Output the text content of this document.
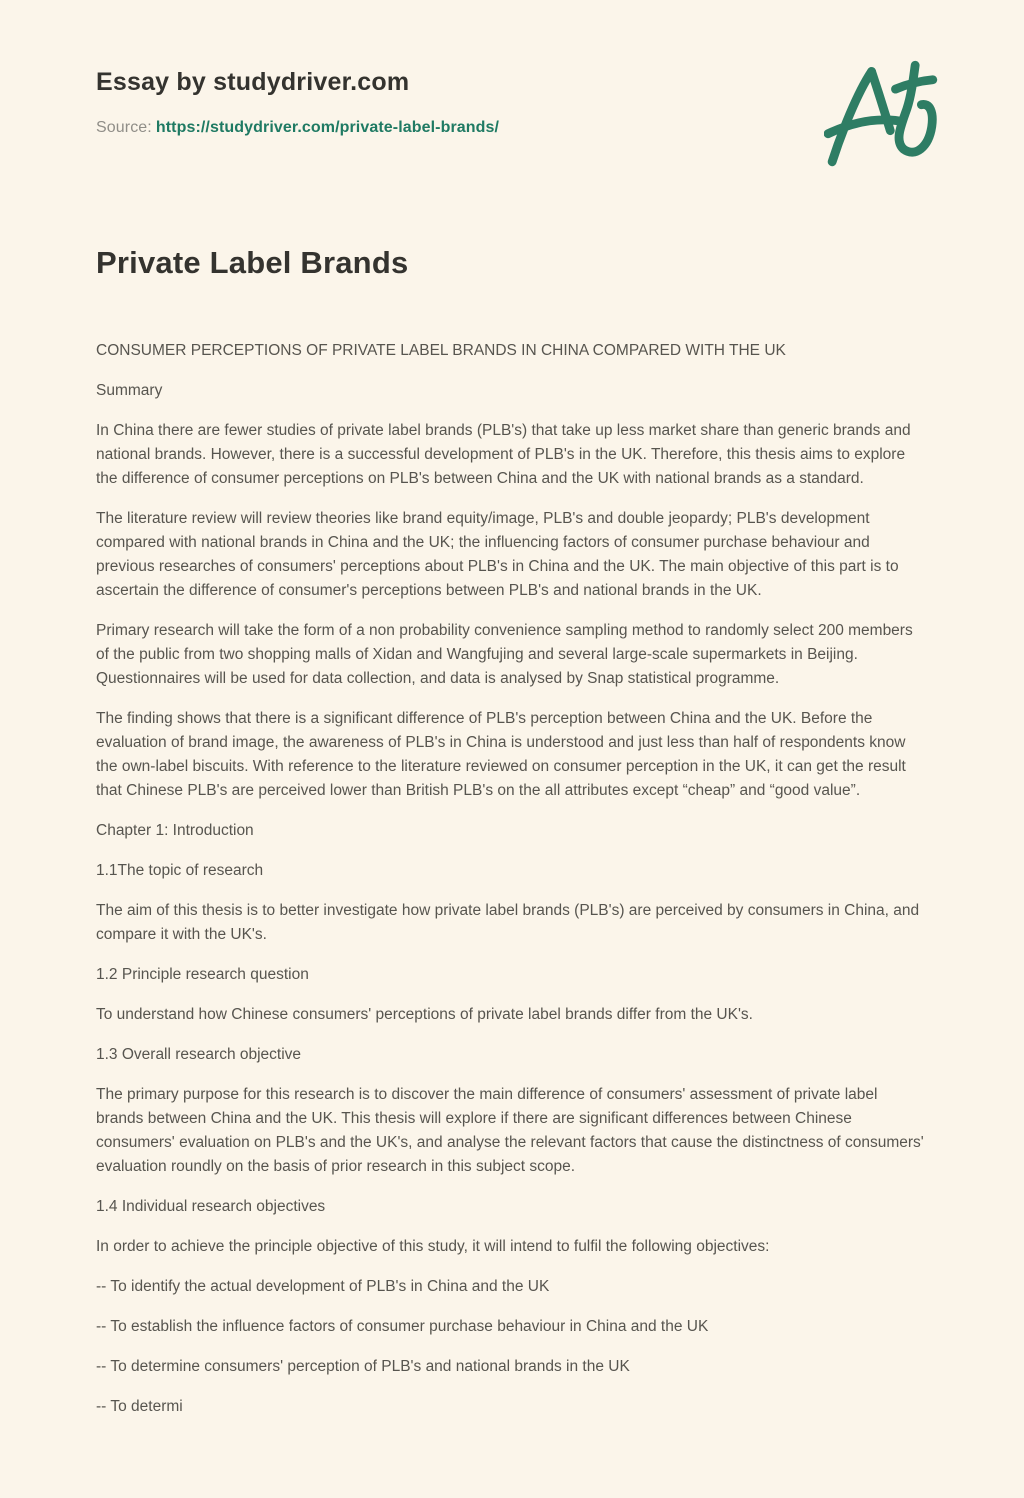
Essay by studydriver.com
Source: https://studydriver.com/private-label-brands/
Private Label Brands

CONSUMER PERCEPTIONS OF PRIVATE LABEL BRANDS IN CHINA COMPARED WITH THE UK

Summary

In China there are fewer studies of private label brands (PLB's) that take up less market share than generic brands and national brands. However, there is a successful development of PLB's in the UK. Therefore, this thesis aims to explore the difference of consumer perceptions on PLB's between China and the UK with national brands as a standard.

The literature review will review theories like brand equity/image, PLB's and double jeopardy; PLB's development compared with national brands in China and the UK; the influencing factors of consumer purchase behaviour and previous researches of consumers' perceptions about PLB's in China and the UK. The main objective of this part is to ascertain the difference of consumer's perceptions between PLB's and national brands in the UK.

Primary research will take the form of a non probability convenience sampling method to randomly select 200 members of the public from two shopping malls of Xidan and Wangfujing and several large-scale supermarkets in Beijing. Questionnaires will be used for data collection, and data is analysed by Snap statistical programme.

The finding shows that there is a significant difference of PLB's perception between China and the UK. Before the evaluation of brand image, the awareness of PLB's in China is understood and just less than half of respondents know the own-label biscuits. With reference to the literature reviewed on consumer perception in the UK, it can get the result that Chinese PLB's are perceived lower than British PLB's on the all attributes except “cheap” and “good value”.

Chapter 1: Introduction

1.1The topic of research

The aim of this thesis is to better investigate how private label brands (PLB's) are perceived by consumers in China, and compare it with the UK's.

1.2 Principle research question

To understand how Chinese consumers' perceptions of private label brands differ from the UK's.

1.3 Overall research objective

The primary purpose for this research is to discover the main difference of consumers' assessment of private label brands between China and the UK. This thesis will explore if there are significant differences between Chinese consumers' evaluation on PLB's and the UK's, and analyse the relevant factors that cause the distinctness of consumers' evaluation roundly on the basis of prior research in this subject scope.

1.4 Individual research objectives

In order to achieve the principle objective of this study, it will intend to fulfil the following objectives:

-- To identify the actual development of PLB's in China and the UK

-- To establish the influence factors of consumer purchase behaviour in China and the UK

-- To determine consumers' perception of PLB's and national brands in the UK

-- To determi
